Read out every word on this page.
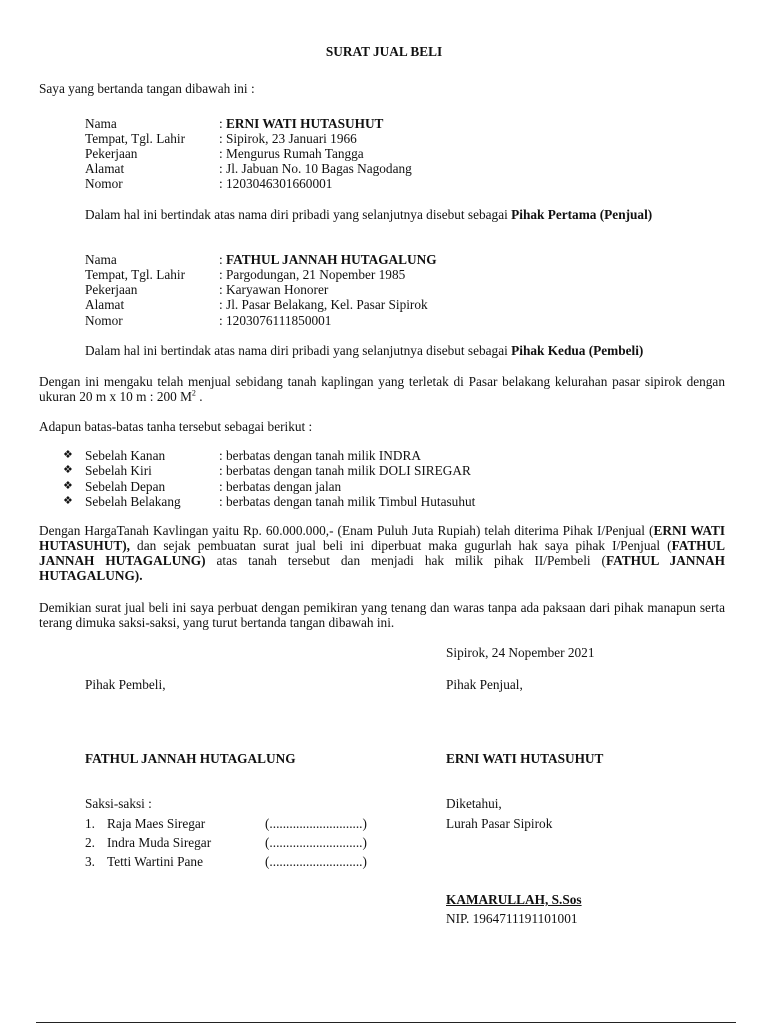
SURAT JUAL BELI
Saya yang bertanda tangan dibawah ini :
Nama	: ERNI WATI HUTASUHUT
Tempat, Tgl. Lahir	: Sipirok, 23 Januari 1966
Pekerjaan	: Mengurus Rumah Tangga
Alamat	: Jl. Jabuan No. 10 Bagas Nagodang
Nomor	: 1203046301660001
Dalam hal ini bertindak atas nama diri pribadi yang selanjutnya disebut sebagai Pihak Pertama (Penjual)
Nama	: FATHUL JANNAH HUTAGALUNG
Tempat, Tgl. Lahir	: Pargodungan, 21 Nopember 1985
Pekerjaan	: Karyawan Honorer
Alamat	: Jl. Pasar Belakang, Kel. Pasar Sipirok
Nomor	: 1203076111850001
Dalam hal ini bertindak atas nama diri pribadi yang selanjutnya disebut sebagai Pihak Kedua (Pembeli)
Dengan ini mengaku telah menjual sebidang tanah kaplingan yang terletak di Pasar belakang kelurahan pasar sipirok dengan ukuran 20 m x 10 m : 200 $M^2$ .
Adapun batas-batas tanha tersebut sebagai berikut :
❖ Sebelah Kanan	: berbatas dengan tanah milik INDRA
❖ Sebelah Kiri	: berbatas dengan tanah milik DOLI SIREGAR
❖ Sebelah Depan	: berbatas dengan jalan
❖ Sebelah Belakang	: berbatas dengan tanah milik Timbul Hutasuhut
Dengan HargaTanah Kavlingan yaitu Rp. 60.000.000,- (Enam Puluh Juta Rupiah) telah diterima Pihak I/Penjual (ERNI WATI HUTASUHUT), dan sejak pembuatan surat jual beli ini diperbuat maka gugurlah hak saya pihak I/Penjual (FATHUL JANNAH HUTAGALUNG) atas tanah tersebut dan menjadi hak milik pihak II/Pembeli (FATHUL JANNAH HUTAGALUNG).
Demikian surat jual beli ini saya perbuat dengan pemikiran yang tenang dan waras tanpa ada paksaan dari pihak manapun serta terang dimuka saksi-saksi, yang turut bertanda tangan dibawah ini.
Sipirok, 24 Nopember 2021
Pihak Pembeli,	Pihak Penjual,
FATHUL JANNAH HUTAGALUNG	ERNI WATI HUTASUHUT
Saksi-saksi :
1. Raja Maes Siregar	(............................)
2. Indra Muda Siregar	(............................)
3. Tetti Wartini Pane	(............................)
Diketahui,
Lurah Pasar Sipirok
KAMARULLAH, S.Sos
NIP. 1964711191101001
